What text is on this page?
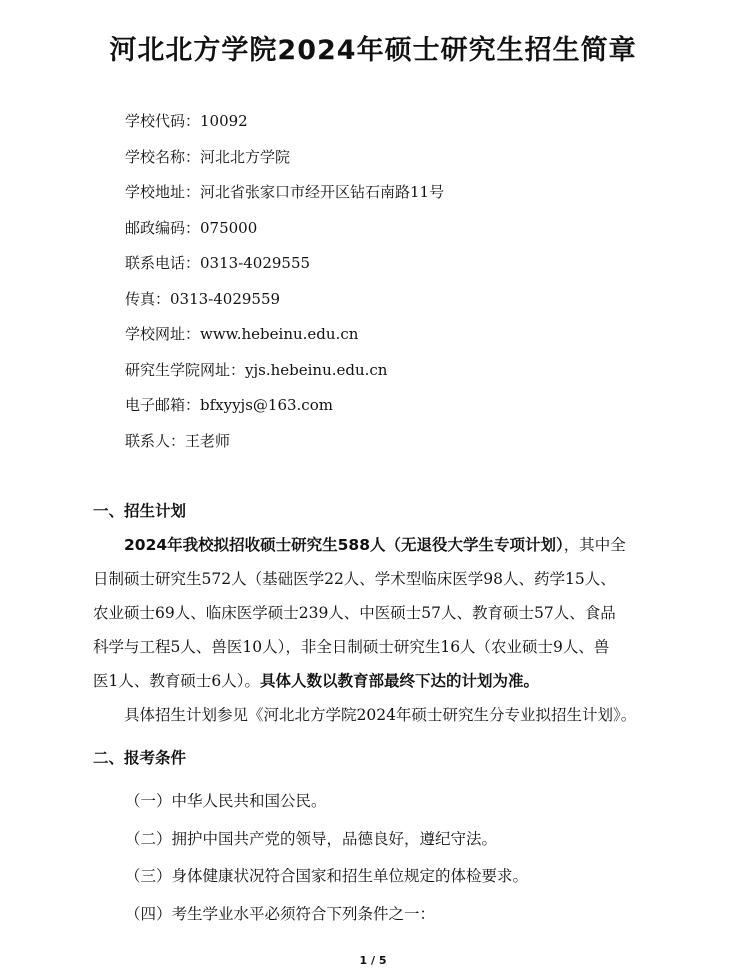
河北北方学院2024年硕士研究生招生简章
学校代码：10092
学校名称：河北北方学院
学校地址：河北省张家口市经开区钻石南路11号
邮政编码：075000
联系电话：0313-4029555
传真：0313-4029559
学校网址：www.hebeinu.edu.cn
研究生学院网址：yjs.hebeinu.edu.cn
电子邮箱：bfxyyjs@163.com
联系人：王老师
一、招生计划
2024年我校拟招收硕士研究生588人（无退役大学生专项计划），其中全
日制硕士研究生572人（基础医学22人、学术型临床医学98人、药学15人、
农业硕士69人、临床医学硕士239人、中医硕士57人、教育硕士57人、食品
科学与工程5人、兽医10人），非全日制硕士研究生16人（农业硕士9人、兽
医1人、教育硕士6人）。具体人数以教育部最终下达的计划为准。
具体招生计划参见《河北北方学院2024年硕士研究生分专业拟招生计划》。
二、报考条件
（一）中华人民共和国公民。
（二）拥护中国共产党的领导，品德良好，遵纪守法。
（三）身体健康状况符合国家和招生单位规定的体检要求。
（四）考生学业水平必须符合下列条件之一：
1 / 5
